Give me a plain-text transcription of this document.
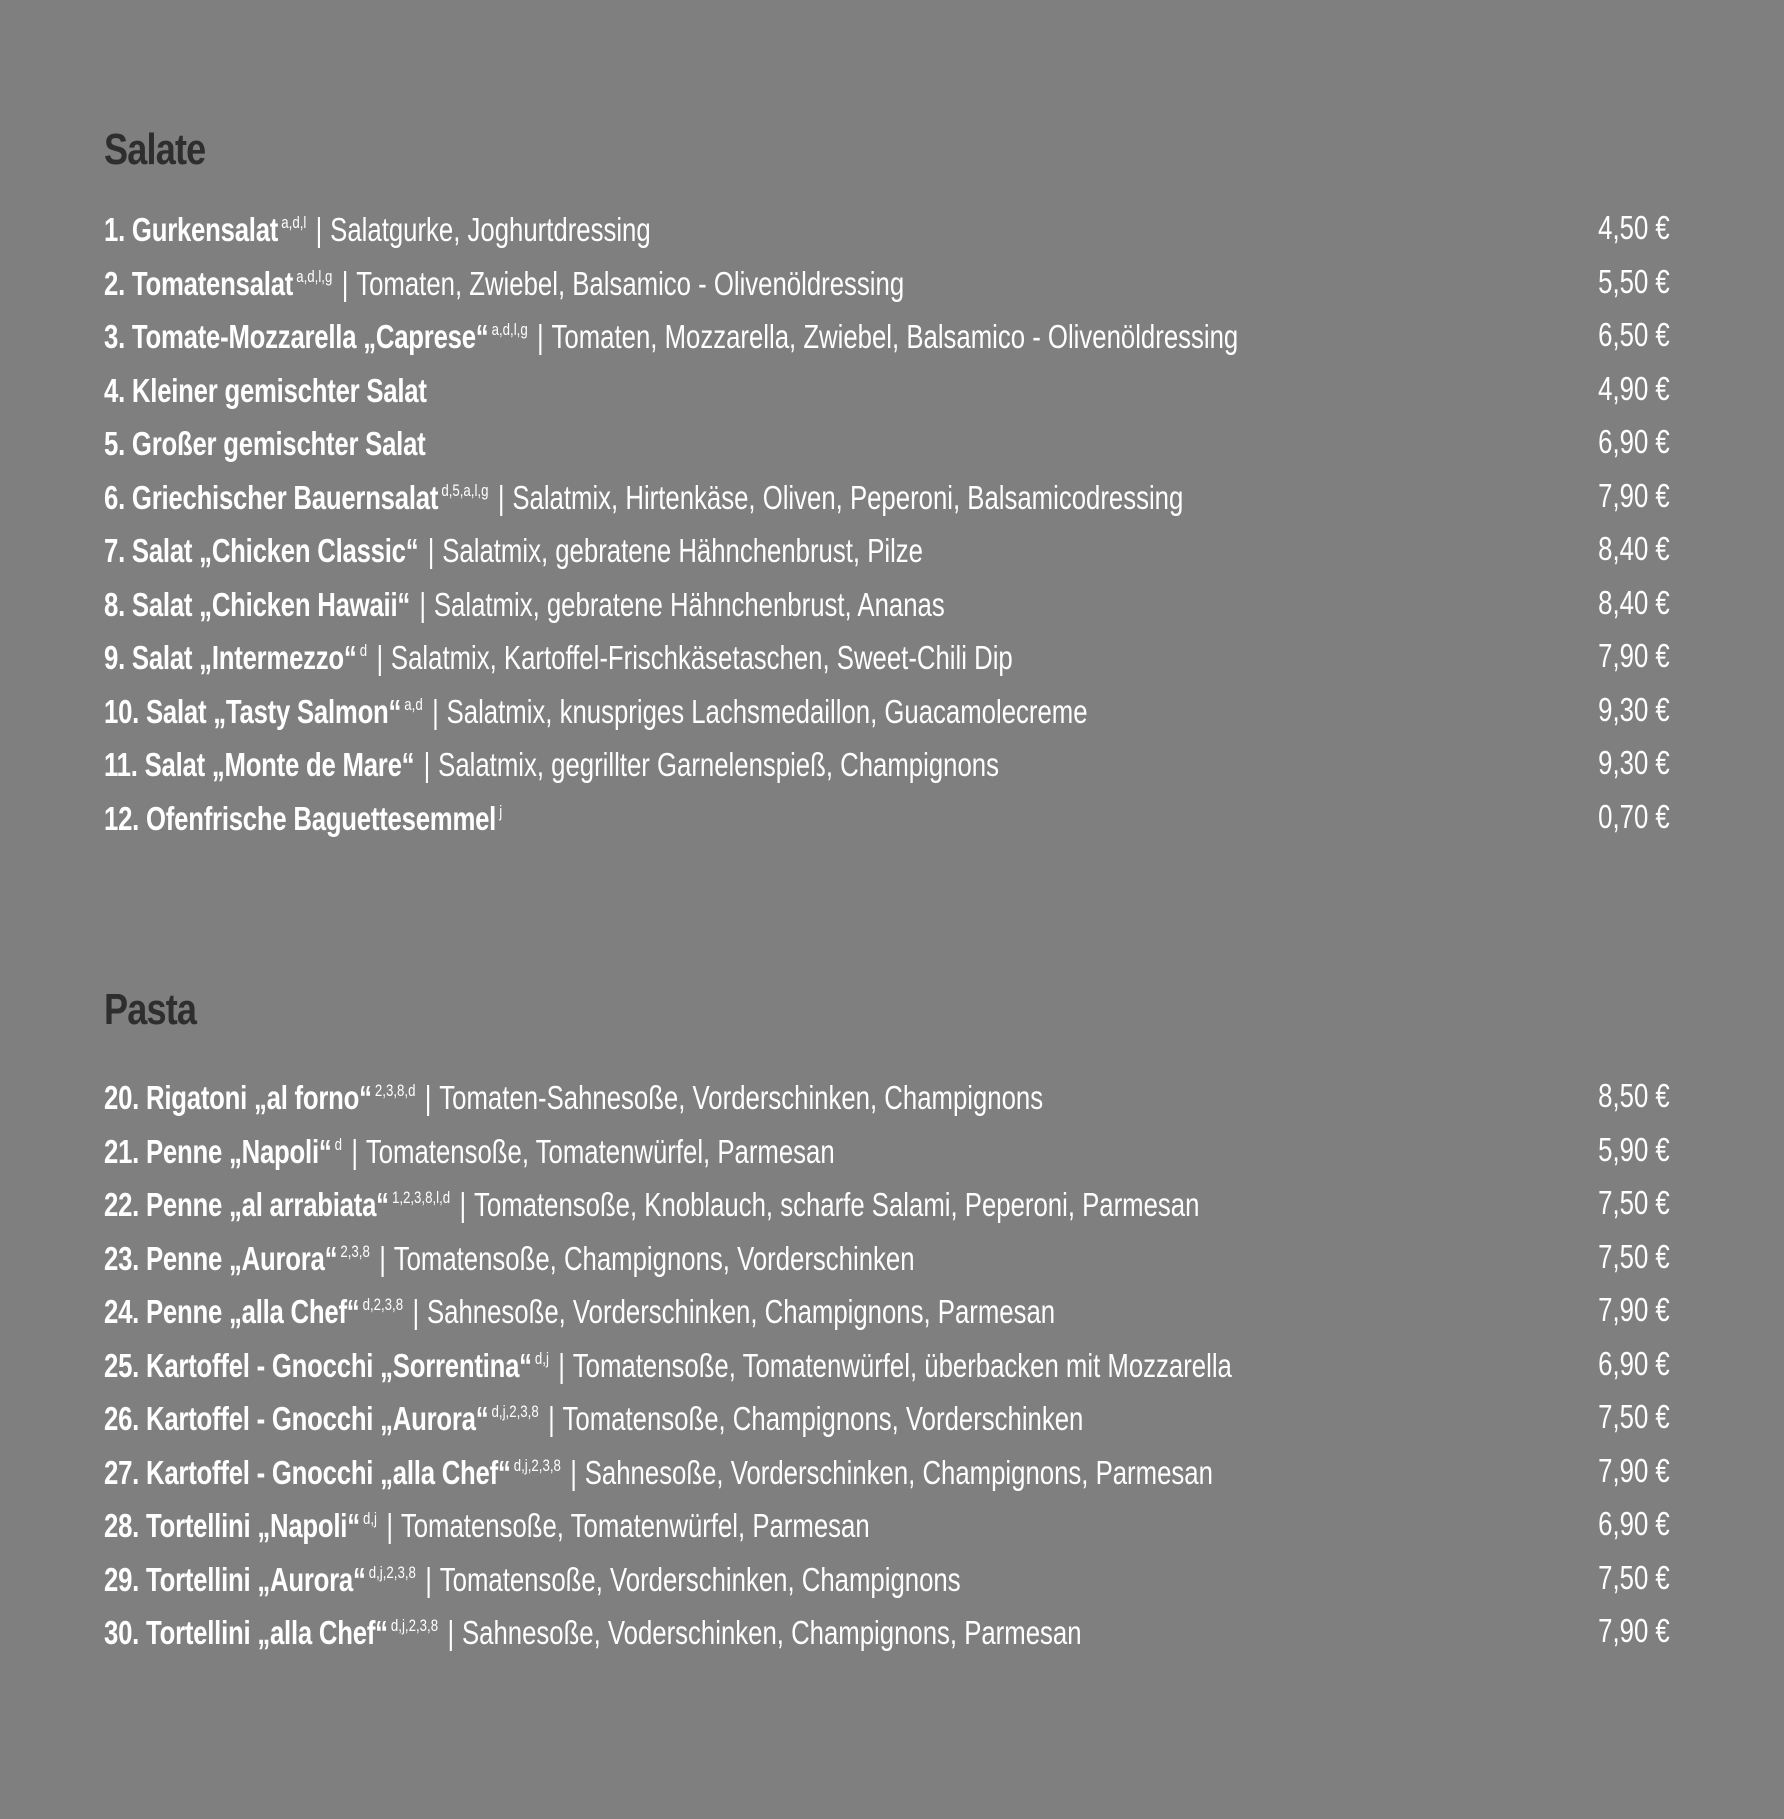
Salate
1. Gurkensalat $^{a,d,l}$ | Salatgurke, Joghurtdressing	4,50 €
2. Tomatensalat $^{a,d,l,g}$ | Tomaten, Zwiebel, Balsamico - Olivenöldressing	5,50 €
3. Tomate-Mozzarella „Caprese“ $^{a,d,l,g}$ | Tomaten, Mozzarella, Zwiebel, Balsamico - Olivenöldressing	6,50 €
4. Kleiner gemischter Salat	4,90 €
5. Großer gemischter Salat	6,90 €
6. Griechischer Bauernsalat $^{d,5,a,l,g}$ | Salatmix, Hirtenkäse, Oliven, Peperoni, Balsamicodressing	7,90 €
7. Salat „Chicken Classic“ | Salatmix, gebratene Hähnchenbrust, Pilze	8,40 €
8. Salat „Chicken Hawaii“ | Salatmix, gebratene Hähnchenbrust, Ananas	8,40 €
9. Salat „Intermezzo“ $^d$ | Salatmix, Kartoffel-Frischkäsetaschen, Sweet-Chili Dip	7,90 €
10. Salat „Tasty Salmon“ $^{a,d}$ | Salatmix, knuspriges Lachsmedaillon, Guacamolecreme	9,30 €
11. Salat „Monte de Mare“ | Salatmix, gegrillter Garnelenspieß, Champignons	9,30 €
12. Ofenfrische Baguettesemmel $^j$	0,70 €
Pasta
20. Rigatoni „al forno“ $^{2,3,8,d}$ | Tomaten-Sahnesoße, Vorderschinken, Champignons	8,50 €
21. Penne „Napoli“ $^d$ | Tomatensoße, Tomatenwürfel, Parmesan	5,90 €
22. Penne „al arrabiata“ $^{1,2,3,8,l,d}$ | Tomatensoße, Knoblauch, scharfe Salami, Peperoni, Parmesan	7,50 €
23. Penne „Aurora“ $^{2,3,8}$ | Tomatensoße, Champignons, Vorderschinken	7,50 €
24. Penne „alla Chef“ $^{d,2,3,8}$ | Sahnesoße, Vorderschinken, Champignons, Parmesan	7,90 €
25. Kartoffel - Gnocchi „Sorrentina“ $^{d,j}$ | Tomatensoße, Tomatenwürfel, überbacken mit Mozzarella	6,90 €
26. Kartoffel - Gnocchi „Aurora“ $^{d,j,2,3,8}$ | Tomatensoße, Champignons, Vorderschinken	7,50 €
27. Kartoffel - Gnocchi „alla Chef“ $^{d,j,2,3,8}$ | Sahnesoße, Vorderschinken, Champignons, Parmesan	7,90 €
28. Tortellini „Napoli“ $^{d,j}$ | Tomatensoße, Tomatenwürfel, Parmesan	6,90 €
29. Tortellini „Aurora“ $^{d,j,2,3,8}$ | Tomatensoße, Vorderschinken, Champignons	7,50 €
30. Tortellini „alla Chef“ $^{d,j,2,3,8}$ | Sahnesoße, Voderschinken, Champignons, Parmesan	7,90 €
